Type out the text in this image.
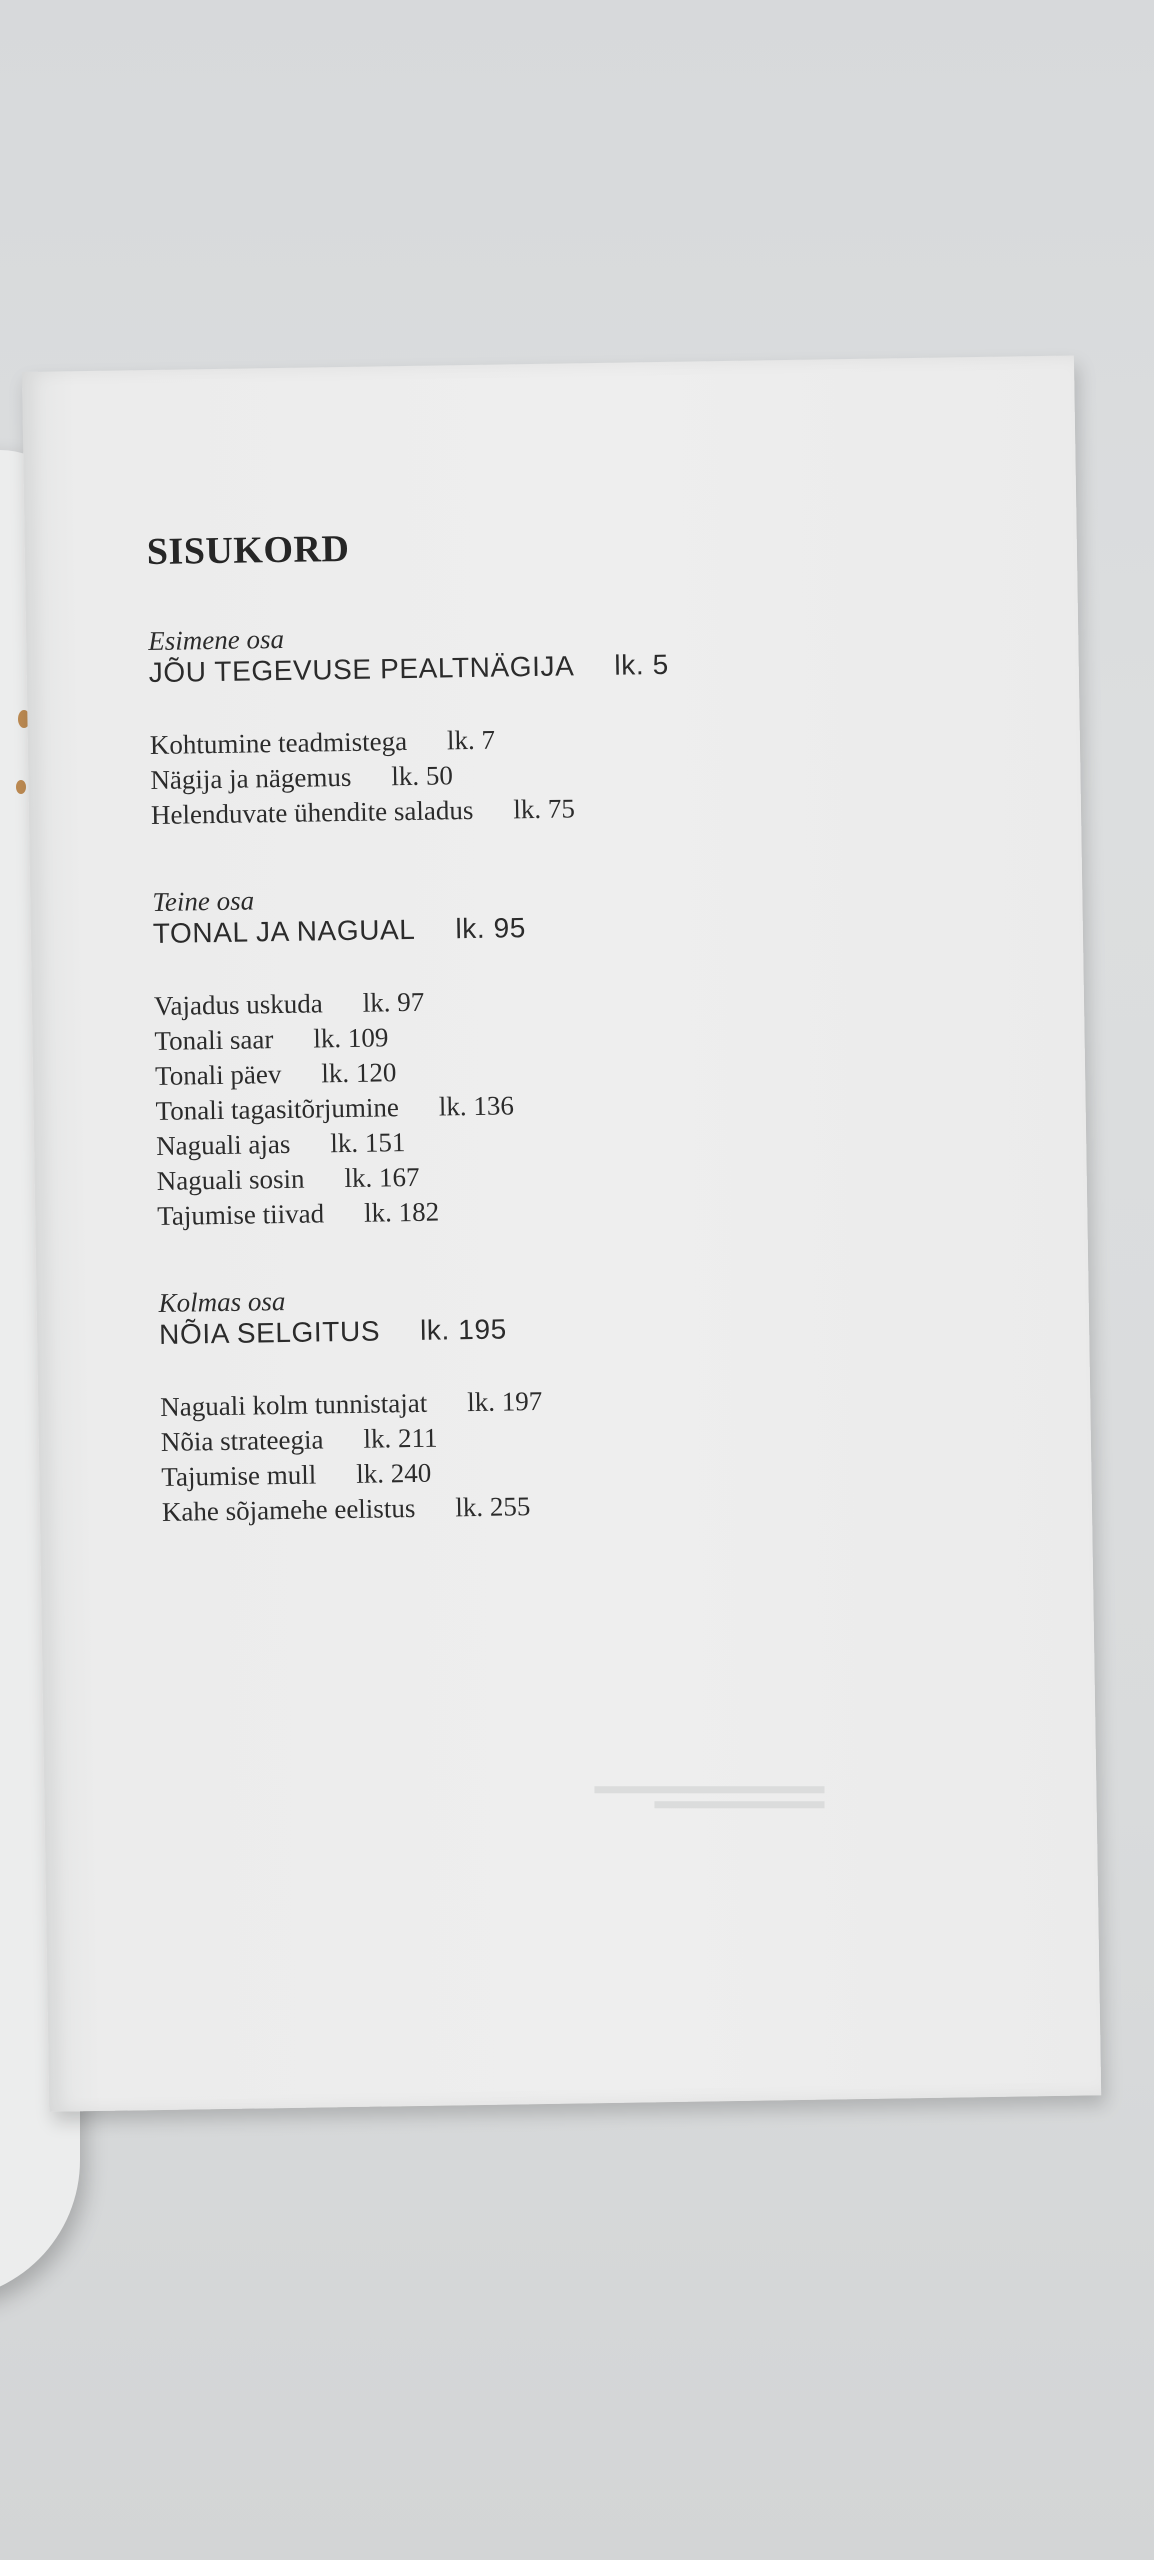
SISUKORD

Esimene osa

JÕU TEGEVUSE PEALTNÄGIJA lk. 5

Kohtumine teadmistega lk. 7
Nägija ja nägemus lk. 50
Helenduvate ühendite saladus lk. 75

Teine osa

TONAL JA NAGUAL lk. 95

Vajadus uskuda lk. 97
Tonali saar lk. 109
Tonali päev lk. 120
Tonali tagasitõrjumine lk. 136
Naguali ajas lk. 151
Naguali sosin lk. 167
Tajumise tiivad lk. 182

Kolmas osa

NÕIA SELGITUS lk. 195

Naguali kolm tunnistajat lk. 197
Nõia strateegia lk. 211
Tajumise mull lk. 240
Kahe sõjamehe eelistus lk. 255
